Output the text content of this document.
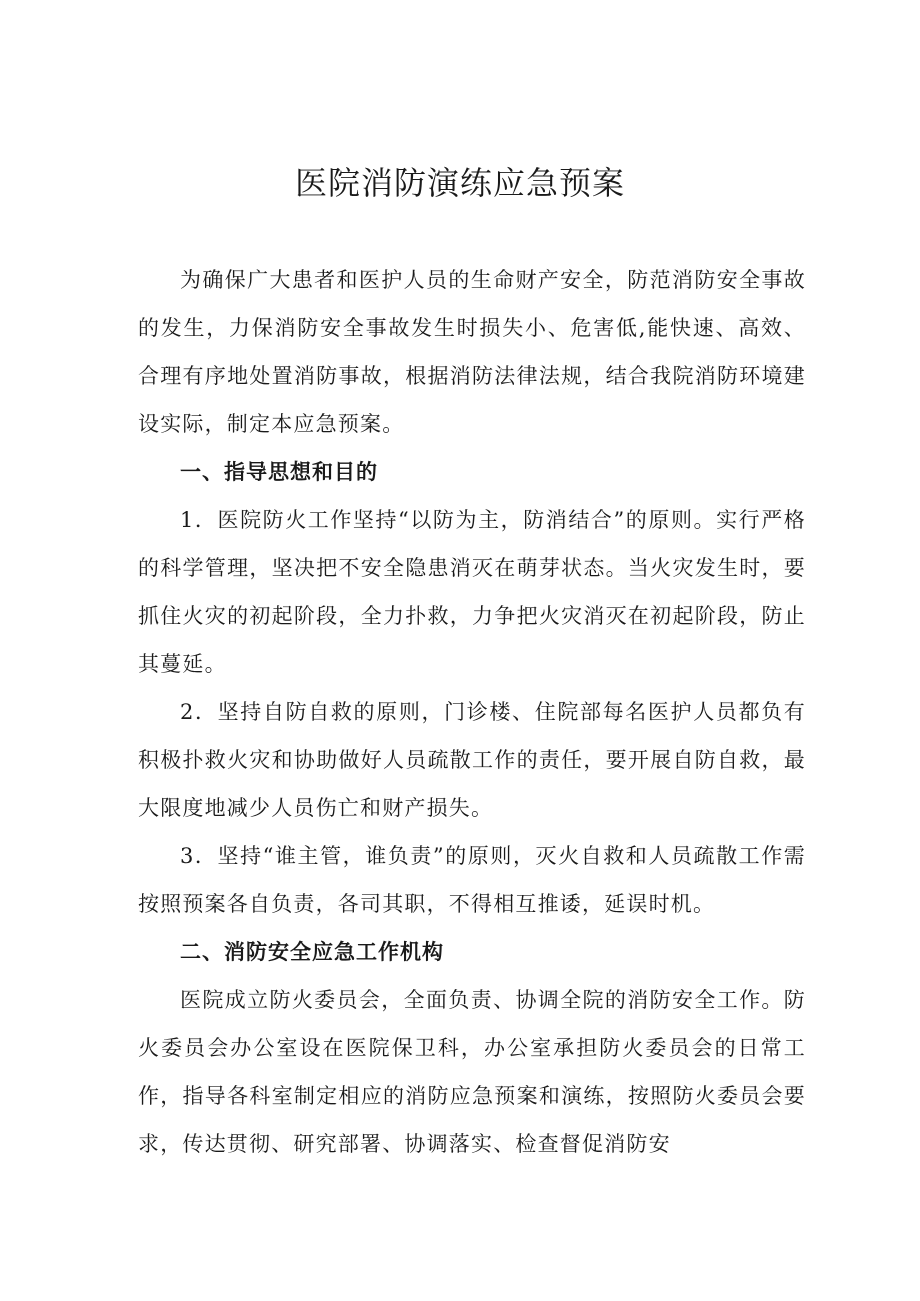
医院消防演练应急预案

为确保广大患者和医护人员的生命财产安全，防范消防安全事故的发生，力保消防安全事故发生时损失小、危害低,能快速、高效、合理有序地处置消防事故，根据消防法律法规，结合我院消防环境建设实际，制定本应急预案。

一、指导思想和目的

1．医院防火工作坚持“以防为主，防消结合”的原则。实行严格的科学管理，坚决把不安全隐患消灭在萌芽状态。当火灾发生时，要抓住火灾的初起阶段，全力扑救，力争把火灾消灭在初起阶段，防止其蔓延。

2．坚持自防自救的原则，门诊楼、住院部每名医护人员都负有积极扑救火灾和协助做好人员疏散工作的责任，要开展自防自救，最大限度地减少人员伤亡和财产损失。

3．坚持“谁主管，谁负责”的原则，灭火自救和人员疏散工作需按照预案各自负责，各司其职，不得相互推诿，延误时机。

二、消防安全应急工作机构

医院成立防火委员会，全面负责、协调全院的消防安全工作。防火委员会办公室设在医院保卫科，办公室承担防火委员会的日常工作，指导各科室制定相应的消防应急预案和演练，按照防火委员会要求，传达贯彻、研究部署、协调落实、检查督促消防安
